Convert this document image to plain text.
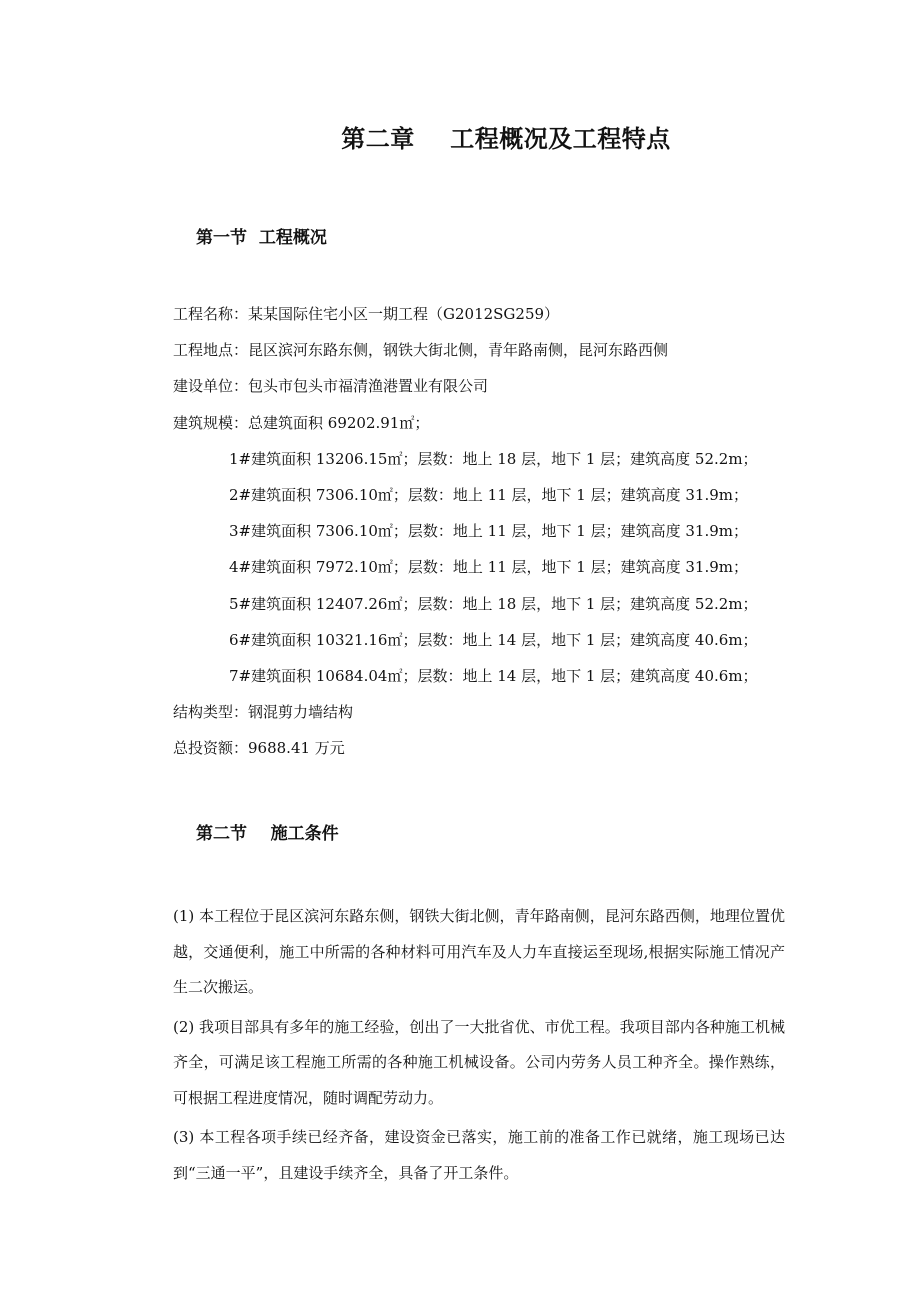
第二章    工程概况及工程特点
第一节  工程概况
工程名称：某某国际住宅小区一期工程（G2012SG259）
工程地点：昆区滨河东路东侧，钢铁大街北侧，青年路南侧，昆河东路西侧
建设单位：包头市包头市福清渔港置业有限公司
建筑规模：总建筑面积 69202.91㎡；
1#建筑面积 13206.15㎡；层数：地上 18 层，地下 1 层；建筑高度 52.2m；
2#建筑面积 7306.10㎡；层数：地上 11 层，地下 1 层；建筑高度 31.9m；
3#建筑面积 7306.10㎡；层数：地上 11 层，地下 1 层；建筑高度 31.9m；
4#建筑面积 7972.10㎡；层数：地上 11 层，地下 1 层；建筑高度 31.9m；
5#建筑面积 12407.26㎡；层数：地上 18 层，地下 1 层；建筑高度 52.2m；
6#建筑面积 10321.16㎡；层数：地上 14 层，地下 1 层；建筑高度 40.6m；
7#建筑面积 10684.04㎡；层数：地上 14 层，地下 1 层；建筑高度 40.6m；
结构类型：钢混剪力墙结构
总投资额：9688.41 万元
第二节    施工条件

(1) 本工程位于昆区滨河东路东侧，钢铁大街北侧，青年路南侧，昆河东路西侧，地理位置优越，交通便利，施工中所需的各种材料可用汽车及人力车直接运至现场,根据实际施工情况产生二次搬运。

(2) 我项目部具有多年的施工经验，创出了一大批省优、市优工程。我项目部内各种施工机械齐全，可满足该工程施工所需的各种施工机械设备。公司内劳务人员工种齐全。操作熟练，可根据工程进度情况，随时调配劳动力。

(3) 本工程各项手续已经齐备，建设资金已落实，施工前的准备工作已就绪，施工现场已达到“三通一平”，且建设手续齐全，具备了开工条件。
